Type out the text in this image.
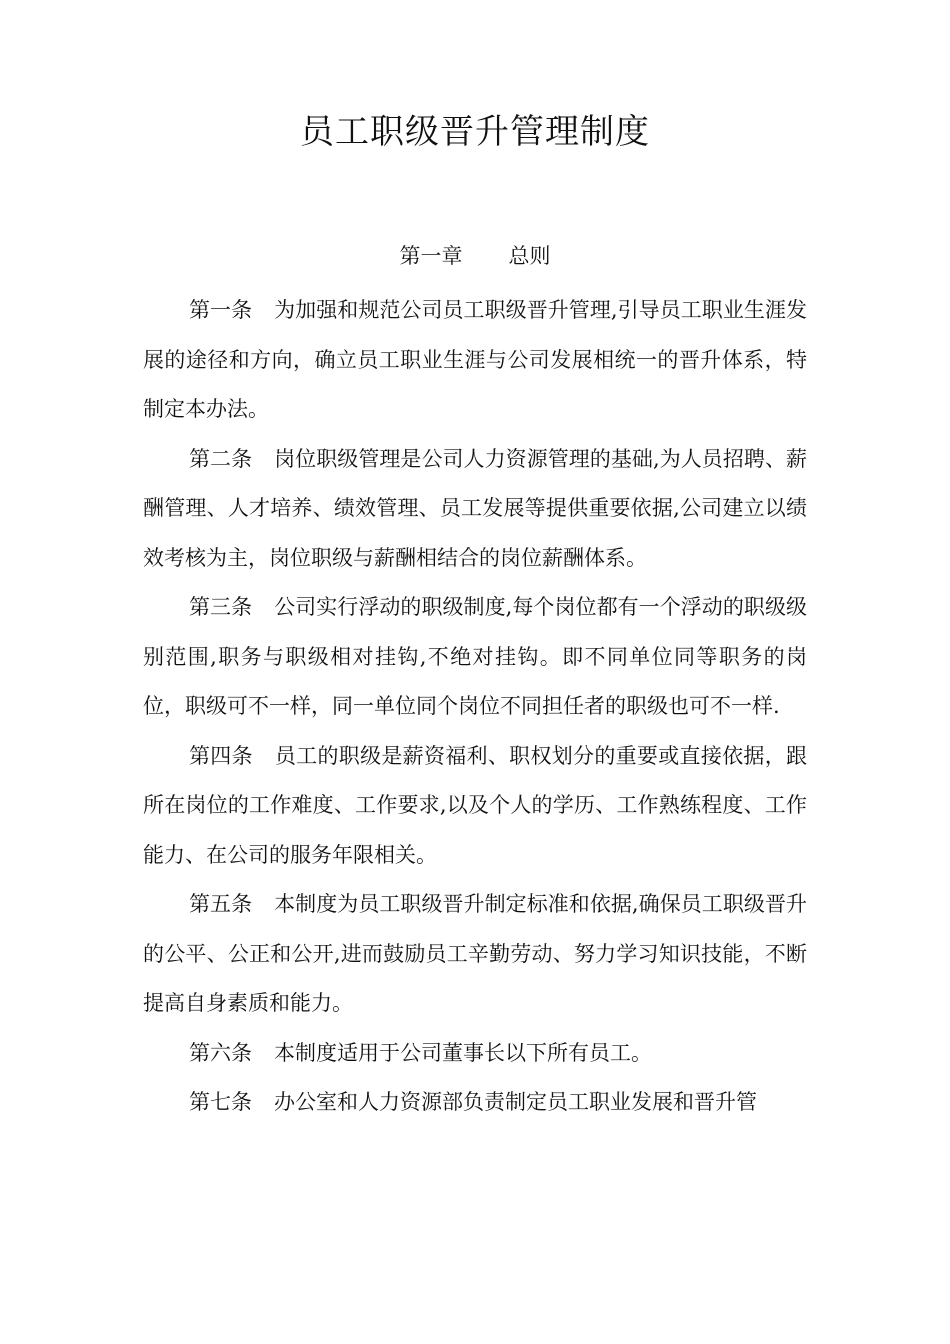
员工职级晋升管理制度
第一章 总则

第一条 为加强和规范公司员工职级晋升管理,引导员工职业生涯发展的途径和方向，确立员工职业生涯与公司发展相统一的晋升体系，特制定本办法。

第二条 岗位职级管理是公司人力资源管理的基础,为人员招聘、薪酬管理、人才培养、绩效管理、员工发展等提供重要依据,公司建立以绩效考核为主，岗位职级与薪酬相结合的岗位薪酬体系。

第三条 公司实行浮动的职级制度,每个岗位都有一个浮动的职级级别范围,职务与职级相对挂钩,不绝对挂钩。即不同单位同等职务的岗位，职级可不一样，同一单位同个岗位不同担任者的职级也可不一样.

第四条 员工的职级是薪资福利、职权划分的重要或直接依据，跟所在岗位的工作难度、工作要求,以及个人的学历、工作熟练程度、工作能力、在公司的服务年限相关。

第五条 本制度为员工职级晋升制定标准和依据,确保员工职级晋升的公平、公正和公开,进而鼓励员工辛勤劳动、努力学习知识技能，不断提高自身素质和能力。

第六条 本制度适用于公司董事长以下所有员工。

第七条 办公室和人力资源部负责制定员工职业发展和晋升管
